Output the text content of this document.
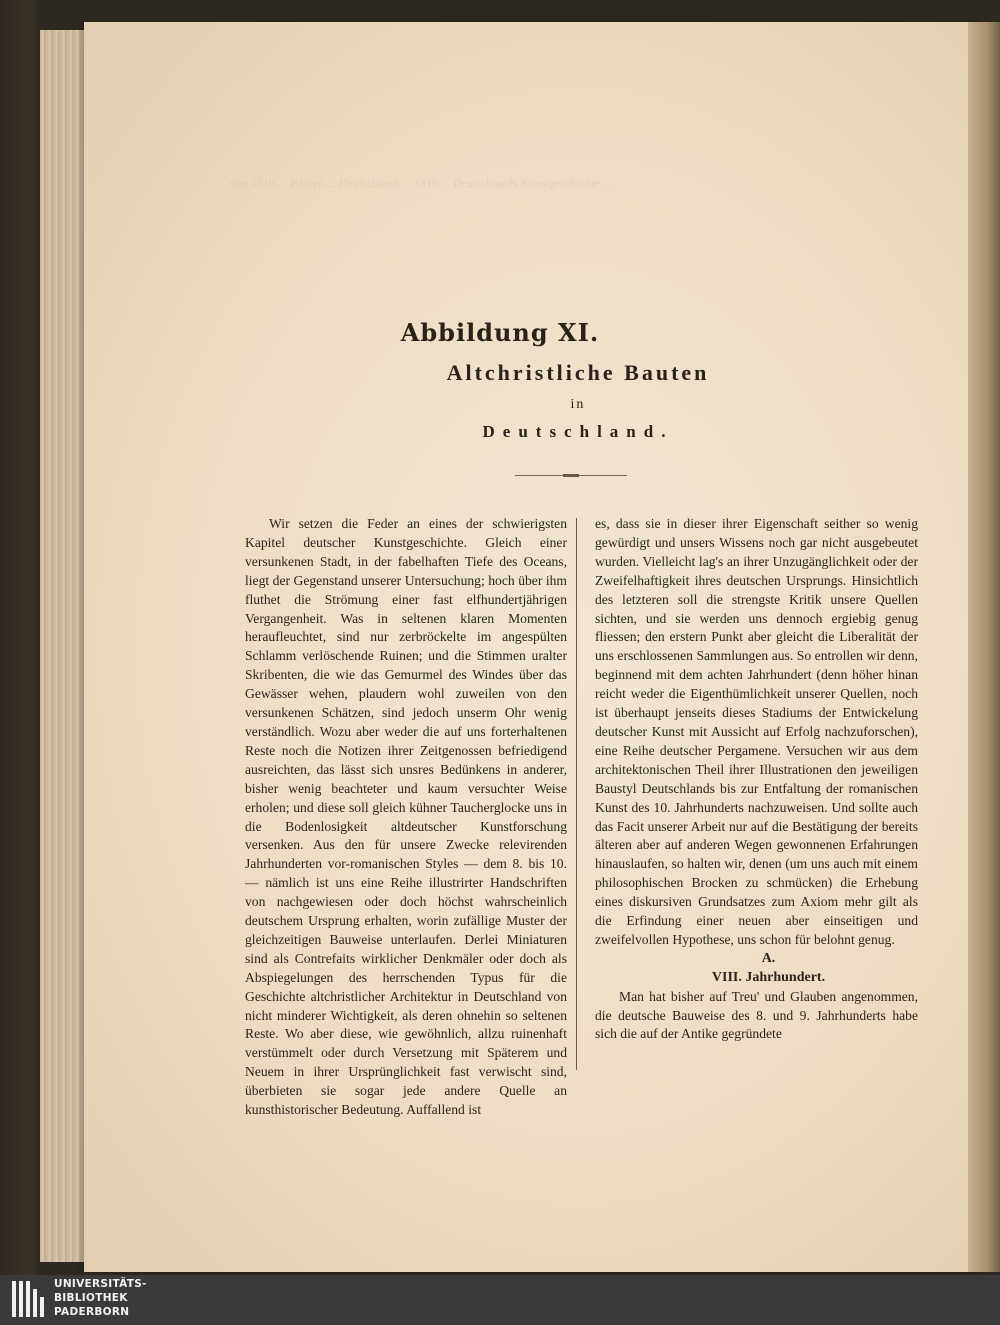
von 1510 ... Bauten ... Deutschland ... 1310 ... Deutschlands Kunstgeschichte ...
Abbildung XI.
Altchristliche Bauten
in
Deutschland.

Wir setzen die Feder an eines der schwierigsten Kapitel deutscher Kunstgeschichte. Gleich einer versunkenen Stadt, in der fabelhaften Tiefe des Oceans, liegt der Gegenstand unserer Untersuchung; hoch über ihm fluthet die Strömung einer fast elfhundertjährigen Vergangenheit. Was in seltenen klaren Momenten heraufleuchtet, sind nur zerbröckelte im angespülten Schlamm verlöschende Ruinen; und die Stimmen uralter Skribenten, die wie das Gemurmel des Windes über das Gewässer wehen, plaudern wohl zuweilen von den versunkenen Schätzen, sind jedoch unserm Ohr wenig verständlich. Wozu aber weder die auf uns forterhaltenen Reste noch die Notizen ihrer Zeitgenossen befriedigend ausreichten, das lässt sich unsres Bedünkens in anderer, bisher wenig beachteter und kaum versuchter Weise erholen; und diese soll gleich kühner Taucherglocke uns in die Bodenlosigkeit altdeutscher Kunstforschung versenken. Aus den für unsere Zwecke relevirenden Jahrhunderten vor-romanischen Styles — dem 8. bis 10. — nämlich ist uns eine Reihe illustrirter Handschriften von nachgewiesen oder doch höchst wahrscheinlich deutschem Ursprung erhalten, worin zufällige Muster der gleichzeitigen Bauweise unterlaufen. Derlei Miniaturen sind als Contrefaits wirklicher Denkmäler oder doch als Abspiegelungen des herrschenden Typus für die Geschichte altchristlicher Architektur in Deutschland von nicht minderer Wichtigkeit, als deren ohnehin so seltenen Reste. Wo aber diese, wie gewöhnlich, allzu ruinenhaft verstümmelt oder durch Versetzung mit Späterem und Neuem in ihrer Ursprünglichkeit fast verwischt sind, überbieten sie sogar jede andere Quelle an kunsthistorischer Bedeutung. Auffallend ist

es, dass sie in dieser ihrer Eigenschaft seither so wenig gewürdigt und unsers Wissens noch gar nicht ausgebeutet wurden. Vielleicht lag's an ihrer Unzugänglichkeit oder der Zweifelhaftigkeit ihres deutschen Ursprungs. Hinsichtlich des letzteren soll die strengste Kritik unsere Quellen sichten, und sie werden uns dennoch ergiebig genug fliessen; den erstern Punkt aber gleicht die Liberalität der uns erschlossenen Sammlungen aus. So entrollen wir denn, beginnend mit dem achten Jahrhundert (denn höher hinan reicht weder die Eigenthümlichkeit unserer Quellen, noch ist überhaupt jenseits dieses Stadiums der Entwickelung deutscher Kunst mit Aussicht auf Erfolg nachzuforschen), eine Reihe deutscher Pergamene. Versuchen wir aus dem architektonischen Theil ihrer Illustrationen den jeweiligen Baustyl Deutschlands bis zur Entfaltung der romanischen Kunst des 10. Jahrhunderts nachzuweisen. Und sollte auch das Facit unserer Arbeit nur auf die Bestätigung der bereits älteren aber auf anderen Wegen gewonnenen Erfahrungen hinauslaufen, so halten wir, denen (um uns auch mit einem philosophischen Brocken zu schmücken) die Erhebung eines diskursiven Grundsatzes zum Axiom mehr gilt als die Erfindung einer neuen aber einseitigen und zweifelvollen Hypothese, uns schon für belohnt genug.

A.

VIII. Jahrhundert.

Man hat bisher auf Treu' und Glauben angenommen, die deutsche Bauweise des 8. und 9. Jahrhunderts habe sich die auf der Antike gegründete

UNIVERSITÄTS-
BIBLIOTHEK
PADERBORN
